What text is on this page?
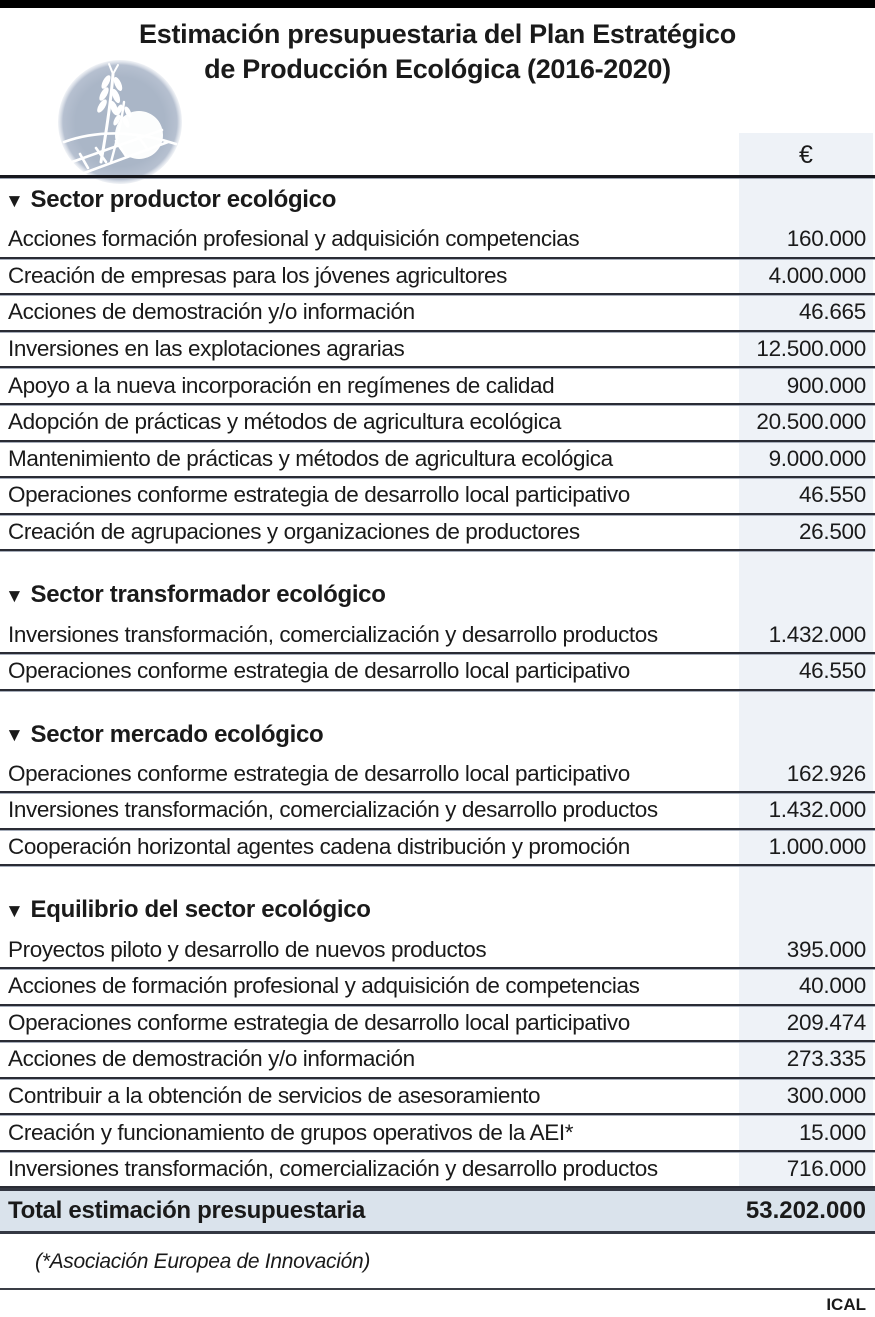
Estimación presupuestaria del Plan Estratégico
de Producción Ecológica (2016-2020)
€
▼ Sector productor ecológico
Acciones formación profesional y adquisición competencias	160.000
Creación de empresas para los jóvenes agricultores	4.000.000
Acciones de demostración y/o información	46.665
Inversiones en las explotaciones agrarias	12.500.000
Apoyo a la nueva incorporación en regímenes de calidad	900.000
Adopción de prácticas y métodos de agricultura ecológica	20.500.000
Mantenimiento de prácticas y métodos de agricultura ecológica	9.000.000
Operaciones conforme estrategia de desarrollo local participativo	46.550
Creación de agrupaciones y organizaciones de productores	26.500
▼ Sector transformador ecológico
Inversiones transformación, comercialización y desarrollo productos	1.432.000
Operaciones conforme estrategia de desarrollo local participativo	46.550
▼ Sector mercado ecológico
Operaciones conforme estrategia de desarrollo local participativo	162.926
Inversiones transformación, comercialización y desarrollo productos	1.432.000
Cooperación horizontal agentes cadena distribución y promoción	1.000.000
▼ Equilibrio del sector ecológico
Proyectos piloto y desarrollo de nuevos productos	395.000
Acciones de formación profesional y adquisición de competencias	40.000
Operaciones conforme estrategia de desarrollo local participativo	209.474
Acciones de demostración y/o información	273.335
Contribuir a la obtención de servicios de asesoramiento	300.000
Creación y funcionamiento de grupos operativos de la AEI*	15.000
Inversiones transformación, comercialización y desarrollo productos	716.000
Total estimación presupuestaria	53.202.000
(*Asociación Europea de Innovación)
ICAL
